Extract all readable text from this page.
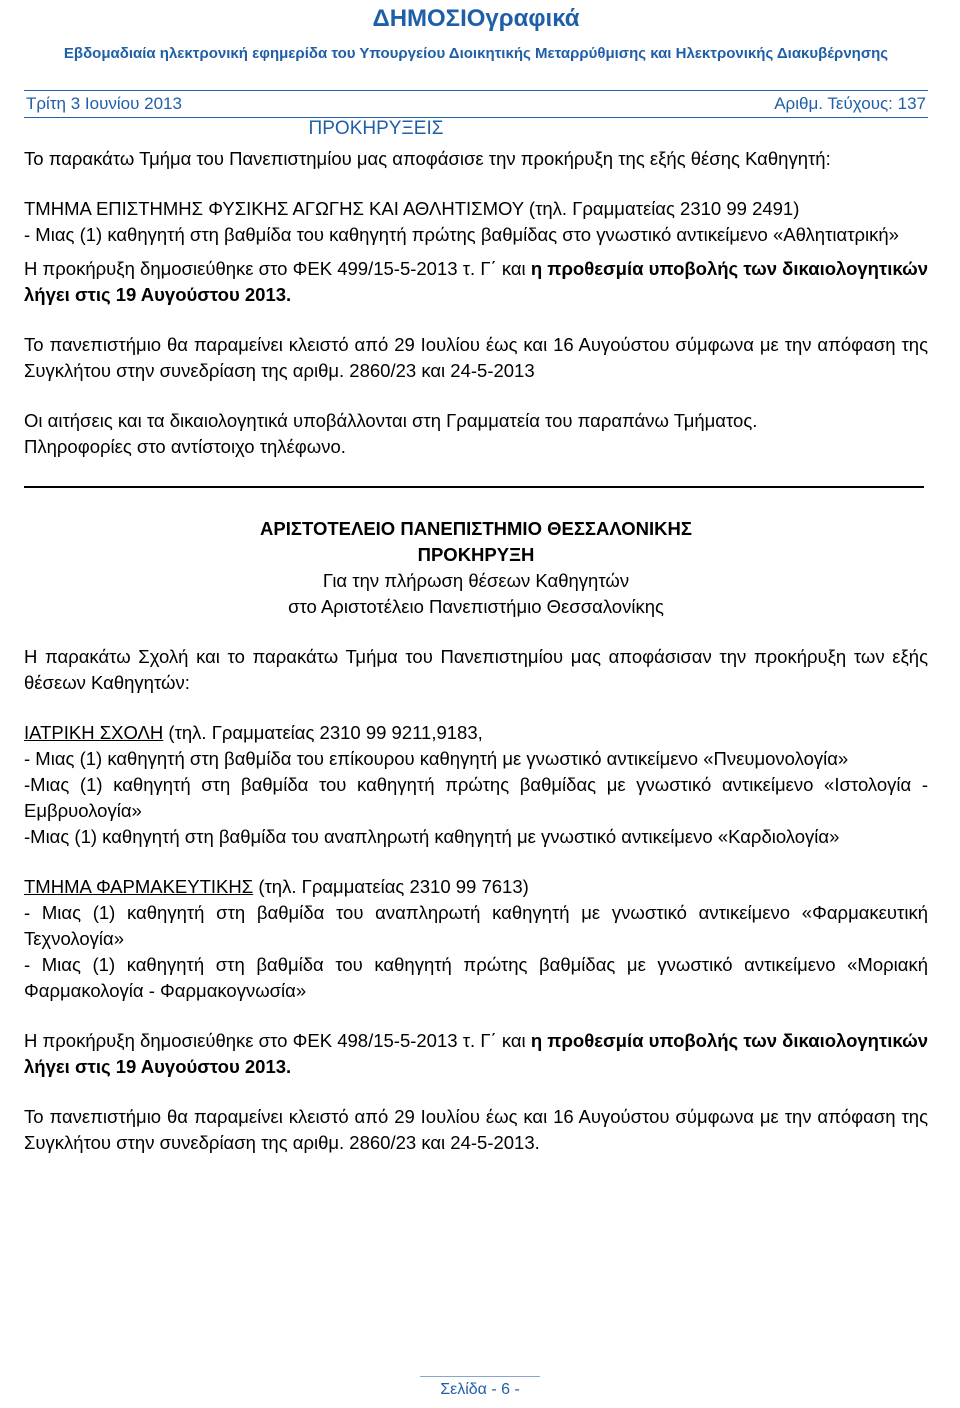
ΔΗΜΟΣΙΟγραφικά
Εβδομαδιαία ηλεκτρονική εφημερίδα του Υπουργείου Διοικητικής Μεταρρύθμισης και Ηλεκτρονικής Διακυβέρνησης
Τρίτη 3 Ιουνίου 2013	Αριθμ. Τεύχους: 137
ΠΡΟΚΗΡΥΞΕΙΣ

Το παρακάτω Τμήμα του Πανεπιστημίου μας αποφάσισε την προκήρυξη της εξής θέσης Καθηγητή:

ΤΜΗΜΑ ΕΠΙΣΤΗΜΗΣ ΦΥΣΙΚΗΣ ΑΓΩΓΗΣ ΚΑΙ ΑΘΛΗΤΙΣΜΟΥ (τηλ. Γραμματείας 2310 99 2491)

- Μιας (1) καθηγητή στη βαθμίδα του καθηγητή πρώτης βαθμίδας στο γνωστικό αντικείμενο «Αθλητιατρική»

Η προκήρυξη δημοσιεύθηκε στο ΦΕΚ 499/15-5-2013 τ. Γ΄ και η προθεσμία υποβολής των δικαιολογητικών λήγει στις 19 Αυγούστου 2013.

Το πανεπιστήμιο θα παραμείνει κλειστό από 29 Ιουλίου έως και 16 Αυγούστου σύμφωνα με την απόφαση της Συγκλήτου στην συνεδρίαση της αριθμ. 2860/23 και 24-5-2013

Οι αιτήσεις και τα δικαιολογητικά υποβάλλονται στη Γραμματεία του παραπάνω Τμήματος.

Πληροφορίες στο αντίστοιχο τηλέφωνο.

ΑΡΙΣΤΟΤΕΛΕΙΟ ΠΑΝΕΠΙΣΤΗΜΙΟ ΘΕΣΣΑΛΟΝΙΚΗΣ
ΠΡΟΚΗΡΥΞΗ
Για την πλήρωση θέσεων Καθηγητών
στο Αριστοτέλειο Πανεπιστήμιο Θεσσαλονίκης

Η παρακάτω Σχολή και το παρακάτω Τμήμα του Πανεπιστημίου μας αποφάσισαν την προκήρυξη των εξής θέσεων Καθηγητών:

ΙΑΤΡΙΚΗ ΣΧΟΛΗ (τηλ. Γραμματείας 2310 99 9211,9183,

- Μιας (1) καθηγητή στη βαθμίδα του επίκουρου καθηγητή με γνωστικό αντικείμενο «Πνευμονολογία»

-Μιας (1) καθηγητή στη βαθμίδα του καθηγητή πρώτης βαθμίδας με γνωστικό αντικείμενο «Ιστολογία - Εμβρυολογία»

-Μιας (1) καθηγητή στη βαθμίδα του αναπληρωτή καθηγητή με γνωστικό αντικείμενο «Καρδιολογία»

ΤΜΗΜΑ ΦΑΡΜΑΚΕΥΤΙΚΗΣ (τηλ. Γραμματείας 2310 99 7613)

- Μιας (1) καθηγητή στη βαθμίδα του αναπληρωτή καθηγητή με γνωστικό αντικείμενο «Φαρμακευτική Τεχνολογία»

- Μιας (1) καθηγητή στη βαθμίδα του καθηγητή πρώτης βαθμίδας με γνωστικό αντικείμενο «Μοριακή Φαρμακολογία - Φαρμακογνωσία»

Η προκήρυξη δημοσιεύθηκε στο ΦΕΚ 498/15-5-2013 τ. Γ΄ και η προθεσμία υποβολής των δικαιολογητικών λήγει στις 19 Αυγούστου 2013.

Το πανεπιστήμιο θα παραμείνει κλειστό από 29 Ιουλίου έως και 16 Αυγούστου σύμφωνα με την απόφαση της Συγκλήτου στην συνεδρίαση της αριθμ. 2860/23 και 24-5-2013.

Σελίδα - 6 -
